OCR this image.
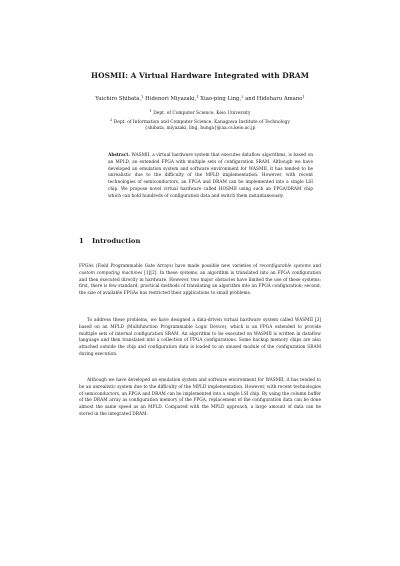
HOSMII: A Virtual Hardware Integrated with DRAM
Yuichiro Shibata,$^1$ Hidenori Miyazaki,$^1$ Xiao-ping Ling,$^2$ and Hideharu Amano$^1$
$^1$ Dept. of Computer Science, Keio University
$^2$ Dept. of Information and Computer Science, Kanagawa Institute of Technology
{shibata, miyazaki, ling, hunga}@aa.cs.keio.ac.jp
Abstract. WASMII, a virtual hardware system that executes dataflow algorithms, is based on an MPLD, an extended FPGA with multiple sets of configuration SRAM. Although we have developed an emulation system and software environment for WASMII, it has tended to be unrealistic due to the difficulty of the MPLD implementation. However, with recent technologies of semiconductors, an FPGA and DRAM can be implemented into a single LSI chip. We propose novel virtual hardware called HOSMII using such an FPGA/DRAM chip which can hold hundreds of configuration data and switch them instantaneously.
1 Introduction
FPGAs (Field Programmable Gate Arrays) have made possible new varieties of reconfigurable systems and custom computing machines [1][2]. In these systems, an algorithm is translated into an FPGA configuration and then executed directly in hardware. However, two major obstacles have limited the use of these systems: first, there is few standard, practical methods of translating an algorithm into an FPGA configuration; second, the size of available FPGAs has restricted their applications to small problems.
To address these problems, we have designed a data-driven virtual hardware system called WASMII [3] based on an MPLD (Multifunction Programmable Logic Device), which is an FPGA extended to provide multiple sets of internal configuration SRAM. An algorithm to be executed on WASMII is written in dataflow language and then translated into a collection of FPGA configurations. Some backup memory chips are also attached outside the chip and configuration data is loaded to an unused module of the configuration SRAM during execution.
Although we have developed an emulation system and software environment for WASMII, it has tended to be an unrealistic system due to the difficulty of the MPLD implementation. However, with recent technologies of semiconductors, an FPGA and DRAM can be implemented into a single LSI chip. By using the column buffer of the DRAM array as configuration memory of the FPGA, replacement of the configuration data can be done almost the same speed as an MPLD. Compared with the MPLD approach, a large amount of data can be stored in the integrated DRAM.
